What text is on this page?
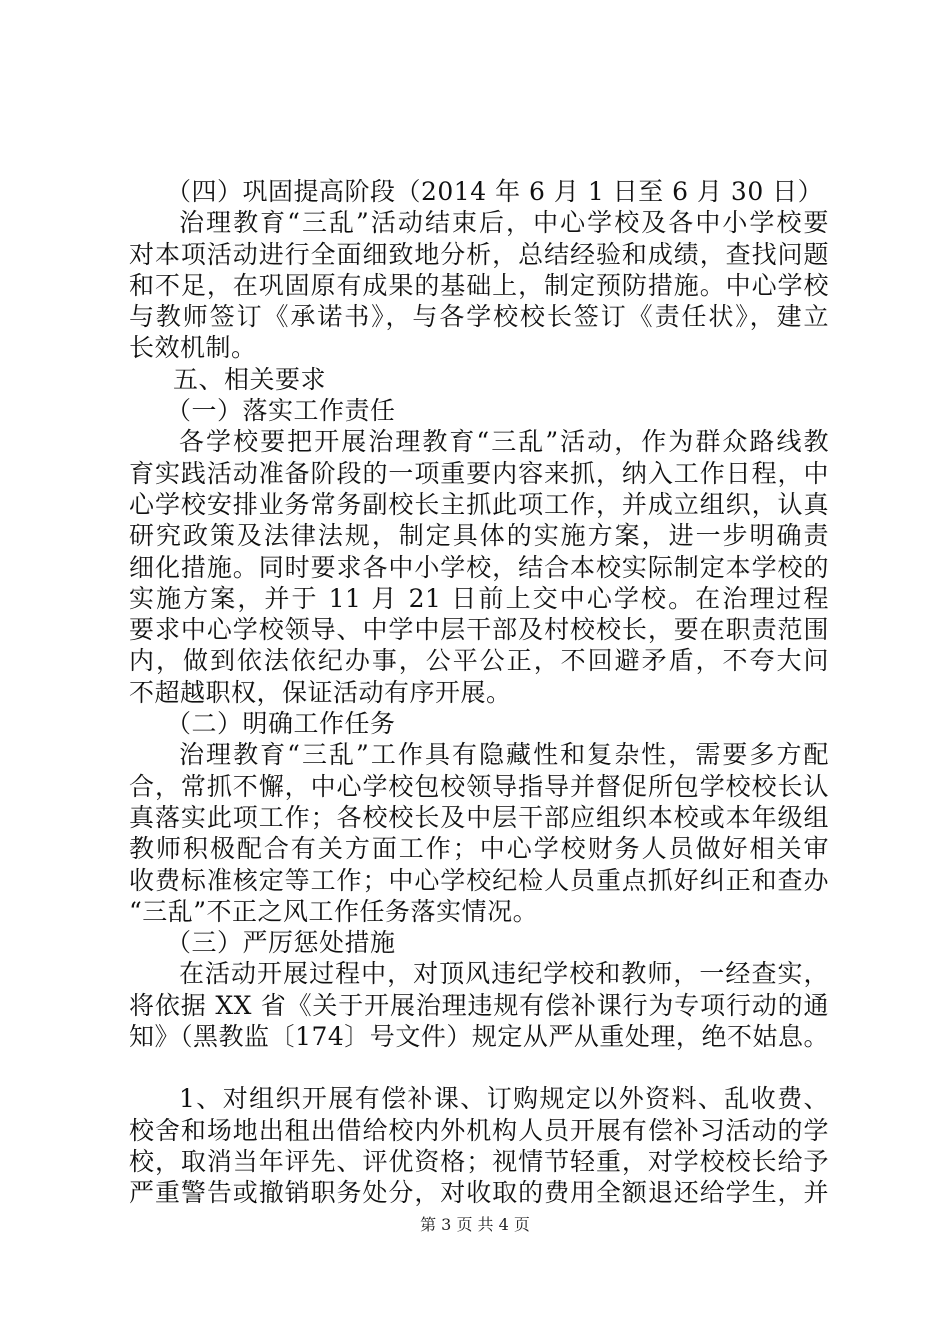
（四）巩固提高阶段（2014 年 6 月 1 日至 6 月 30 日）
治理教育“三乱”活动结束后，中心学校及各中小学校要
对本项活动进行全面细致地分析，总结经验和成绩，查找问题
和不足，在巩固原有成果的基础上，制定预防措施。中心学校
与教师签订《承诺书》，与各学校校长签订《责任状》，建立
长效机制。
五、相关要求
（一）落实工作责任
各学校要把开展治理教育“三乱”活动，作为群众路线教
育实践活动准备阶段的一项重要内容来抓，纳入工作日程，中
心学校安排业务常务副校长主抓此项工作，并成立组织，认真
研究政策及法律法规，制定具体的实施方案，进一步明确责
细化措施。同时要求各中小学校，结合本校实际制定本学校的
实施方案，并于 11 月 21 日前上交中心学校。在治理过程
要求中心学校领导、中学中层干部及村校校长，要在职责范围
内，做到依法依纪办事，公平公正，不回避矛盾，不夸大问
不超越职权，保证活动有序开展。
（二）明确工作任务
治理教育“三乱”工作具有隐藏性和复杂性，需要多方配
合，常抓不懈，中心学校包校领导指导并督促所包学校校长认
真落实此项工作；各校校长及中层干部应组织本校或本年级组
教师积极配合有关方面工作；中心学校财务人员做好相关审
收费标准核定等工作；中心学校纪检人员重点抓好纠正和查办
“三乱”不正之风工作任务落实情况。
（三）严厉惩处措施
在活动开展过程中，对顶风违纪学校和教师，一经查实，
将依据 XX 省《关于开展治理违规有偿补课行为专项行动的通
知》（黑教监〔174〕号文件）规定从严从重处理，绝不姑息。
1、对组织开展有偿补课、订购规定以外资料、乱收费、
校舍和场地出租出借给校内外机构人员开展有偿补习活动的学
校，取消当年评先、评优资格；视情节轻重，对学校校长给予
严重警告或撤销职务处分，对收取的费用全额退还给学生，并
第 3 页 共 4 页
